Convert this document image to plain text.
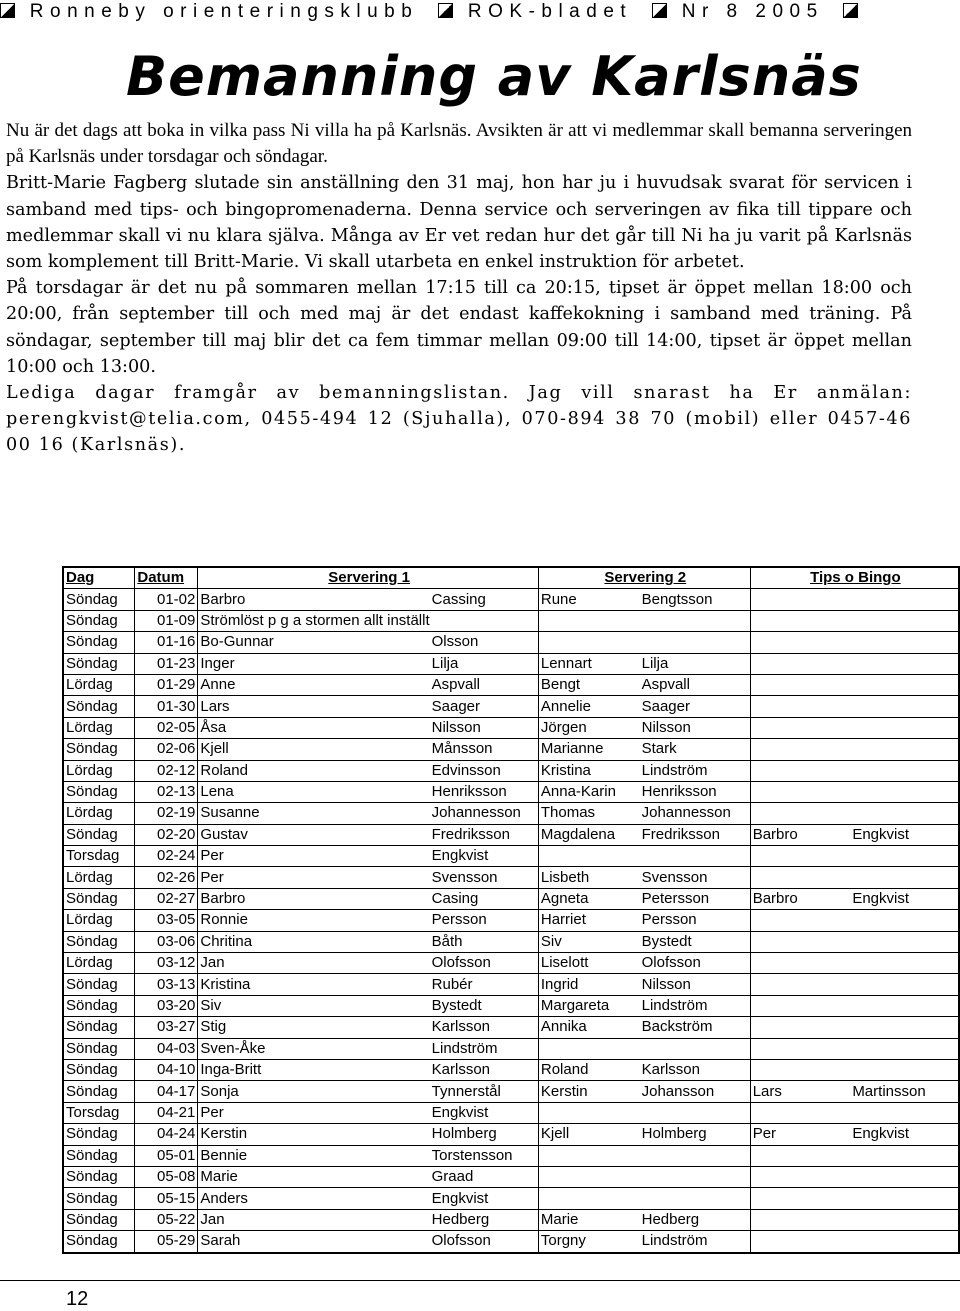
Ronneby orienteringsklubb	ROK-bladet	Nr 8 2005
Bemanning av Karlsnäs

Nu är det dags att boka in vilka pass Ni villa ha på Karlsnäs. Avsikten är att vi medlemmar skall bemanna serveringen på Karlsnäs under torsdagar och söndagar.

Britt-Marie Fagberg slutade sin anställning den 31 maj, hon har ju i huvudsak svarat för servicen i samband med tips- och bingopromenaderna. Denna service och serveringen av fika till tippare och medlemmar skall vi nu klara själva. Många av Er vet redan hur det går till Ni ha ju varit på Karlsnäs som komplement till Britt-Marie. Vi skall utarbeta en enkel instruktion för arbetet.

På torsdagar är det nu på sommaren mellan 17:15 till ca 20:15, tipset är öppet mellan 18:00 och 20:00, från september till och med maj är det endast kaffekokning i samband med träning. På söndagar, september till maj blir det ca fem timmar mellan 09:00 till 14:00, tipset är öppet mellan 10:00 och 13:00.

Lediga dagar framgår av bemanningslistan. Jag vill snarast ha Er anmälan: perengkvist@telia.com, 0455-494 12 (Sjuhalla), 070-894 38 70 (mobil) eller 0457-46 00 16 (Karlsnäs).

Dag	Datum	Servering 1		Servering 2		Tips o Bingo	
Söndag	01-02	Barbro	Cassing	Rune	Bengtsson		
Söndag	01-09	Strömlöst p g a stormen allt inställt					
Söndag	01-16	Bo-Gunnar	Olsson				
Söndag	01-23	Inger	Lilja	Lennart	Lilja		
Lördag	01-29	Anne	Aspvall	Bengt	Aspvall		
Söndag	01-30	Lars	Saager	Annelie	Saager		
Lördag	02-05	Åsa	Nilsson	Jörgen	Nilsson		
Söndag	02-06	Kjell	Månsson	Marianne	Stark		
Lördag	02-12	Roland	Edvinsson	Kristina	Lindström		
Söndag	02-13	Lena	Henriksson	Anna-Karin	Henriksson		
Lördag	02-19	Susanne	Johannesson	Thomas	Johannesson		
Söndag	02-20	Gustav	Fredriksson	Magdalena	Fredriksson	Barbro	Engkvist
Torsdag	02-24	Per	Engkvist				
Lördag	02-26	Per	Svensson	Lisbeth	Svensson		
Söndag	02-27	Barbro	Casing	Agneta	Petersson	Barbro	Engkvist
Lördag	03-05	Ronnie	Persson	Harriet	Persson		
Söndag	03-06	Chritina	Båth	Siv	Bystedt		
Lördag	03-12	Jan	Olofsson	Liselott	Olofsson		
Söndag	03-13	Kristina	Rubér	Ingrid	Nilsson		
Söndag	03-20	Siv	Bystedt	Margareta	Lindström		
Söndag	03-27	Stig	Karlsson	Annika	Backström		
Söndag	04-03	Sven-Åke	Lindström				
Söndag	04-10	Inga-Britt	Karlsson	Roland	Karlsson		
Söndag	04-17	Sonja	Tynnerstål	Kerstin	Johansson	Lars	Martinsson
Torsdag	04-21	Per	Engkvist				
Söndag	04-24	Kerstin	Holmberg	Kjell	Holmberg	Per	Engkvist
Söndag	05-01	Bennie	Torstensson				
Söndag	05-08	Marie	Graad				
Söndag	05-15	Anders	Engkvist				
Söndag	05-22	Jan	Hedberg	Marie	Hedberg		
Söndag	05-29	Sarah	Olofsson	Torgny	Lindström		
12
